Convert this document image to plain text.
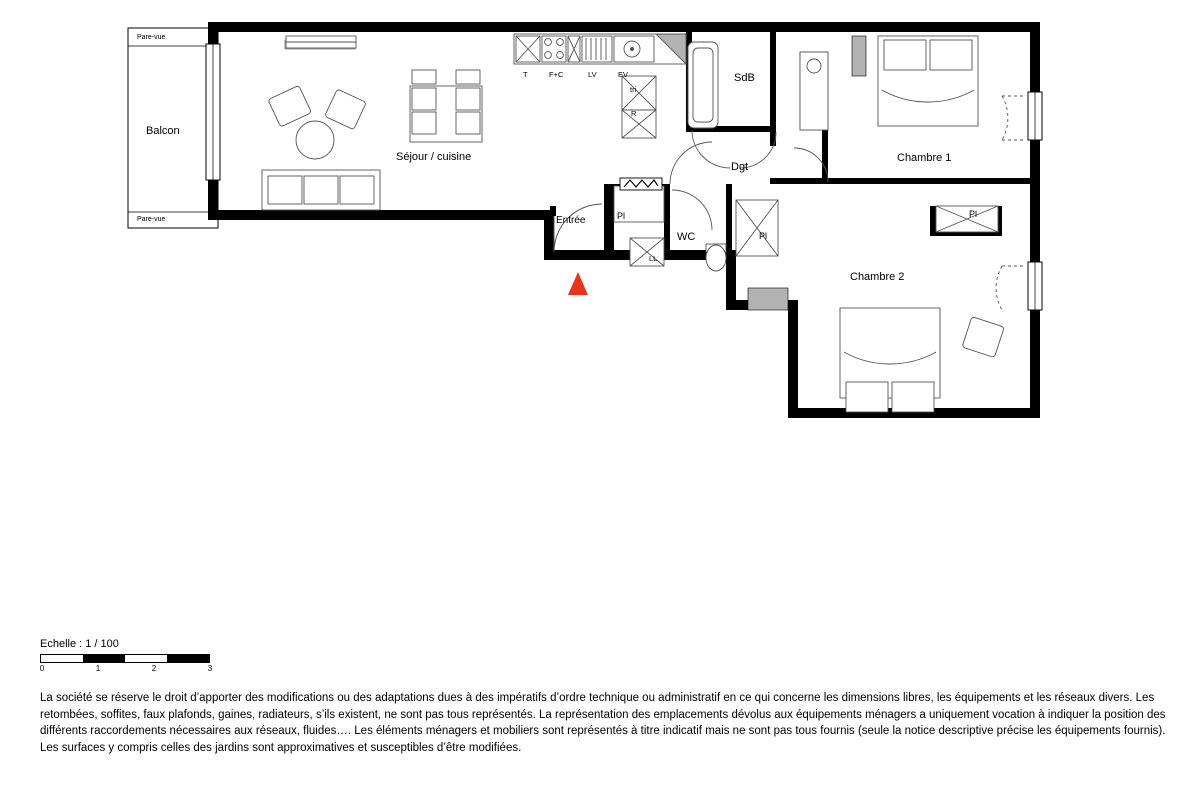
Pare-vue
Pare-vue
Balcon
Séjour / cuisine
SdB
Dgt
Entrée
WC
Chambre 1
Chambre 2
Pl
Pl
Pl
LL
T	F+C	LV	EV
tri
R
Echelle : 1 / 100
0	1	2	3

La société se réserve le droit d’apporter des modifications ou des adaptations dues à des impératifs d’ordre technique ou administratif en ce qui concerne les dimensions libres, les équipements et les réseaux divers. Les retombées, soffites, faux plafonds, gaines, radiateurs, s’ils existent, ne sont pas tous représentés. La représentation des emplacements dévolus aux équipements ménagers a uniquement vocation à indiquer la position des différents raccordements nécessaires aux réseaux, fluides…. Les éléments ménagers et mobiliers sont représentés à titre indicatif mais ne sont pas tous fournis (seule la notice descriptive précise les équipements fournis).

Les surfaces y compris celles des jardins sont approximatives et susceptibles d’être modifiées.
